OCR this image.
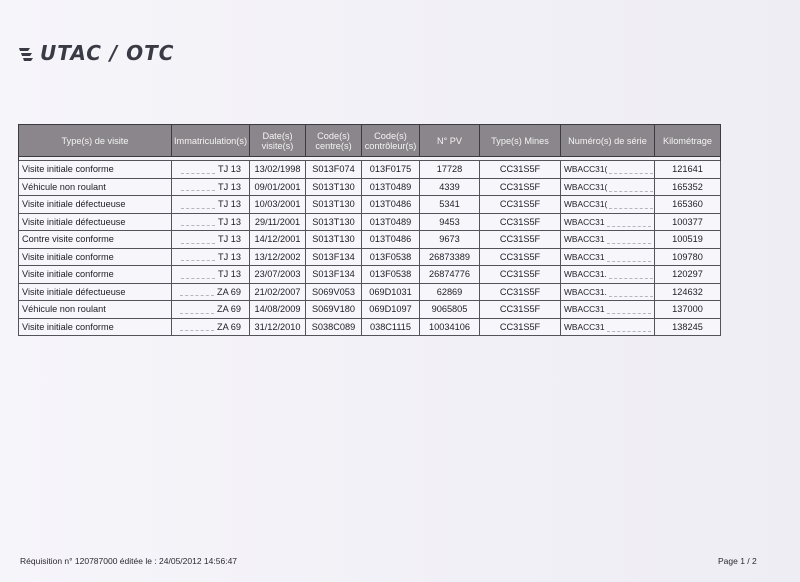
UTAC / OTC
Type(s) de visite	Immatriculation(s)	Date(s) visite(s)	Code(s) centre(s)	Code(s) contrôleur(s)	N° PV	Type(s) Mines	Numéro(s) de série	Kilométrage

Visite initiale conforme	TJ 13	13/02/1998	S013F074	013F0175	17728	CC31S5F	WBACC31(	121641
Véhicule non roulant	TJ 13	09/01/2001	S013T130	013T0489	4339	CC31S5F	WBACC31(	165352
Visite initiale défectueuse	TJ 13	10/03/2001	S013T130	013T0486	5341	CC31S5F	WBACC31(	165360
Visite initiale défectueuse	TJ 13	29/11/2001	S013T130	013T0489	9453	CC31S5F	WBACC31	100377
Contre visite conforme	TJ 13	14/12/2001	S013T130	013T0486	9673	CC31S5F	WBACC31	100519
Visite initiale conforme	TJ 13	13/12/2002	S013F134	013F0538	26873389	CC31S5F	WBACC31	109780
Visite initiale conforme	TJ 13	23/07/2003	S013F134	013F0538	26874776	CC31S5F	WBACC31.	120297
Visite initiale défectueuse	ZA 69	21/02/2007	S069V053	069D1031	62869	CC31S5F	WBACC31.	124632
Véhicule non roulant	ZA 69	14/08/2009	S069V180	069D1097	9065805	CC31S5F	WBACC31	137000
Visite initiale conforme	ZA 69	31/12/2010	S038C089	038C1115	10034106	CC31S5F	WBACC31	138245
Réquisition n° 120787000 éditée le : 24/05/2012 14:56:47	Page 1 / 2
